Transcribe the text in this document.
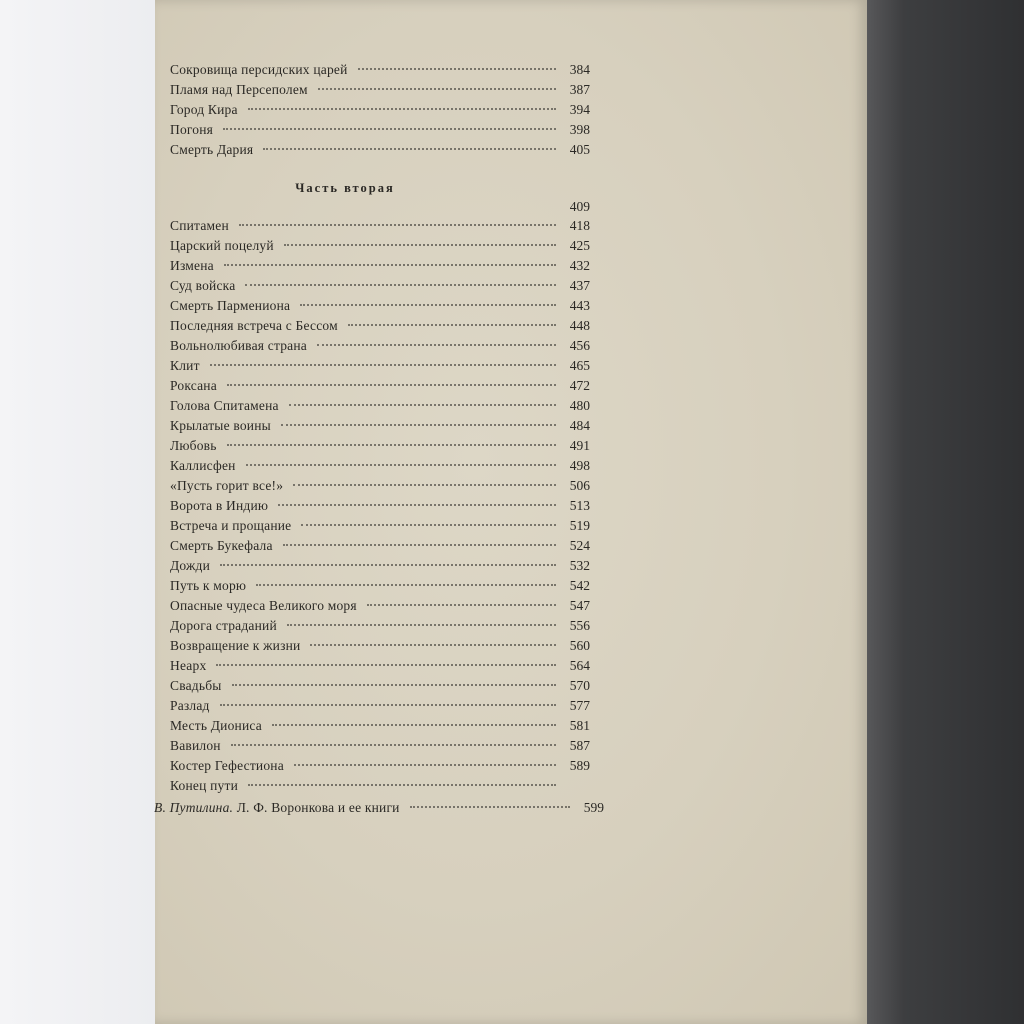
Сокровища персидских царей	384
Пламя над Персеполем	387
Город Кира	394
Погоня	398
Смерть Дария	405
Часть вторая
409
Спитамен	418
Царский поцелуй	425
Измена	432
Суд войска	437
Смерть Пармениона	443
Последняя встреча с Бессом	448
Вольнолюбивая страна	456
Клит	465
Роксана	472
Голова Спитамена	480
Крылатые воины	484
Любовь	491
Каллисфен	498
«Пусть горит все!»	506
Ворота в Индию	513
Встреча и прощание	519
Смерть Букефала	524
Дожди	532
Путь к морю	542
Опасные чудеса Великого моря	547
Дорога страданий	556
Возвращение к жизни	560
Неарх	564
Свадьбы	570
Разлад	577
Месть Диониса	581
Вавилон	587
Костер Гефестиона	589
Конец пути
В. Путилина. Л. Ф. Воронкова и ее книги	599
